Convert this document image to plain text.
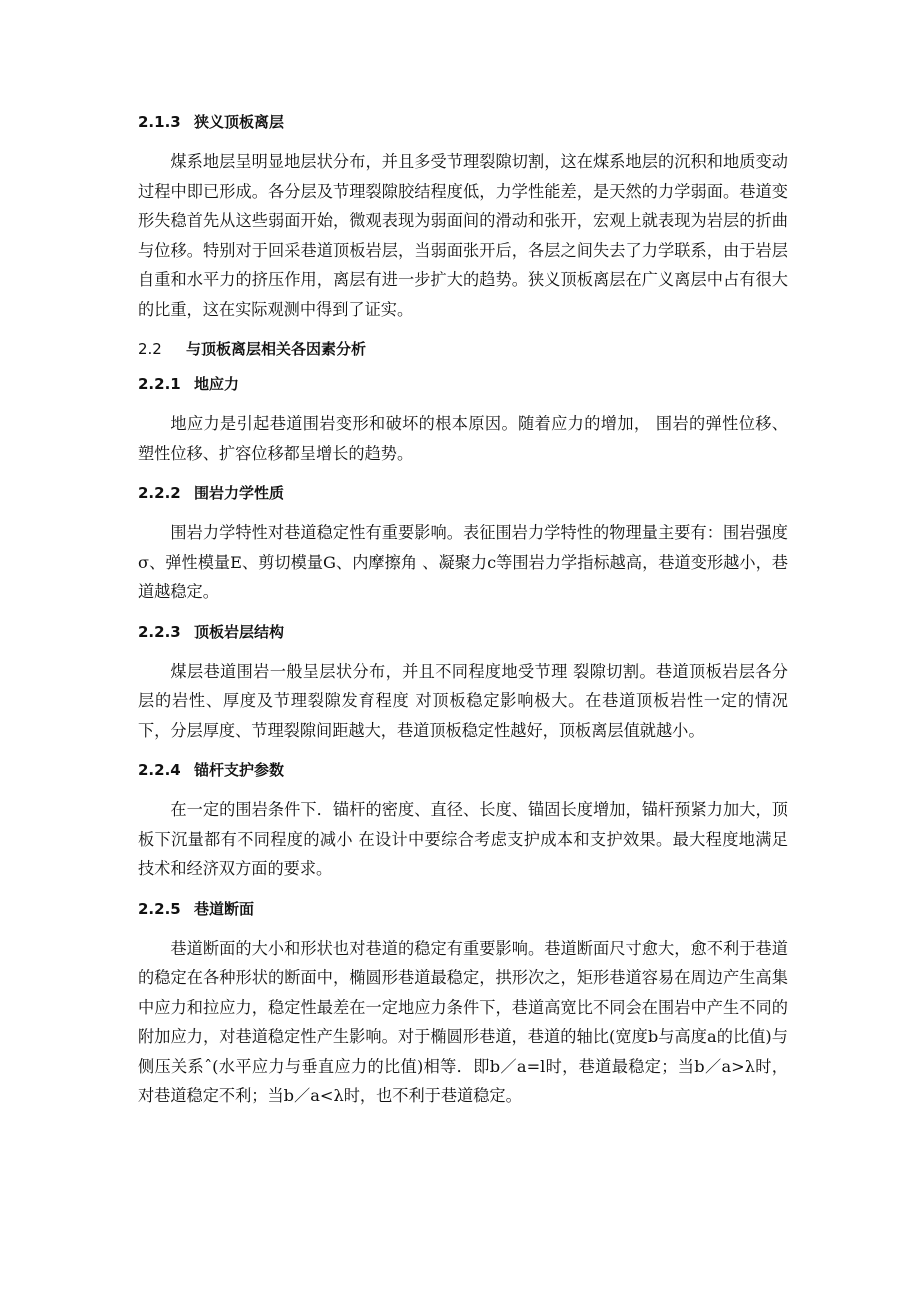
2.1.3 狭义顶板离层

煤系地层呈明显地层状分布，并且多受节理裂隙切割，这在煤系地层的沉积和地质变动过程中即已形成。各分层及节理裂隙胶结程度低，力学性能差，是天然的力学弱面。巷道变形失稳首先从这些弱面开始，微观表现为弱面间的滑动和张开，宏观上就表现为岩层的折曲与位移。特别对于回采巷道顶板岩层，当弱面张开后，各层之间失去了力学联系，由于岩层自重和水平力的挤压作用，离层有进一步扩大的趋势。狭义顶板离层在广义离层中占有很大的比重，这在实际观测中得到了证实。

2.2 与顶板离层相关各因素分析
2.2.1 地应力

地应力是引起巷道围岩变形和破坏的根本原因。随着应力的增加， 围岩的弹性位移、塑性位移、扩容位移都呈增长的趋势。

2.2.2 围岩力学性质

围岩力学特性对巷道稳定性有重要影响。表征围岩力学特性的物理量主要有：围岩强度σ、弹性模量E、剪切模量G、内摩擦角 、凝聚力c等围岩力学指标越高，巷道变形越小，巷道越稳定。

2.2.3 顶板岩层结构

煤层巷道围岩一般呈层状分布，并且不同程度地受节理 裂隙切割。巷道顶板岩层各分层的岩性、厚度及节理裂隙发育程度 对顶板稳定影响极大。在巷道顶板岩性一定的情况下，分层厚度、节理裂隙间距越大，巷道顶板稳定性越好，顶板离层值就越小。

2.2.4 锚杆支护参数

在一定的围岩条件下．锚杆的密度、直径、长度、锚固长度增加，锚杆预紧力加大，顶板下沉量都有不同程度的减小 在设计中要综合考虑支护成本和支护效果。最大程度地满足技术和经济双方面的要求。

2.2.5 巷道断面

巷道断面的大小和形状也对巷道的稳定有重要影响。巷道断面尺寸愈大，愈不利于巷道的稳定在各种形状的断面中，椭圆形巷道最稳定，拱形次之，矩形巷道容易在周边产生高集中应力和拉应力，稳定性最差在一定地应力条件下，巷道高宽比不同会在围岩中产生不同的附加应力，对巷道稳定性产生影响。对于椭圆形巷道，巷道的轴比(宽度b与高度a的比值)与侧压关系ˆ(水平应力与垂直应力的比值)相等．即b／a=l时，巷道最稳定；当b／a>λ时，对巷道稳定不利；当b／a<λ时，也不利于巷道稳定。
